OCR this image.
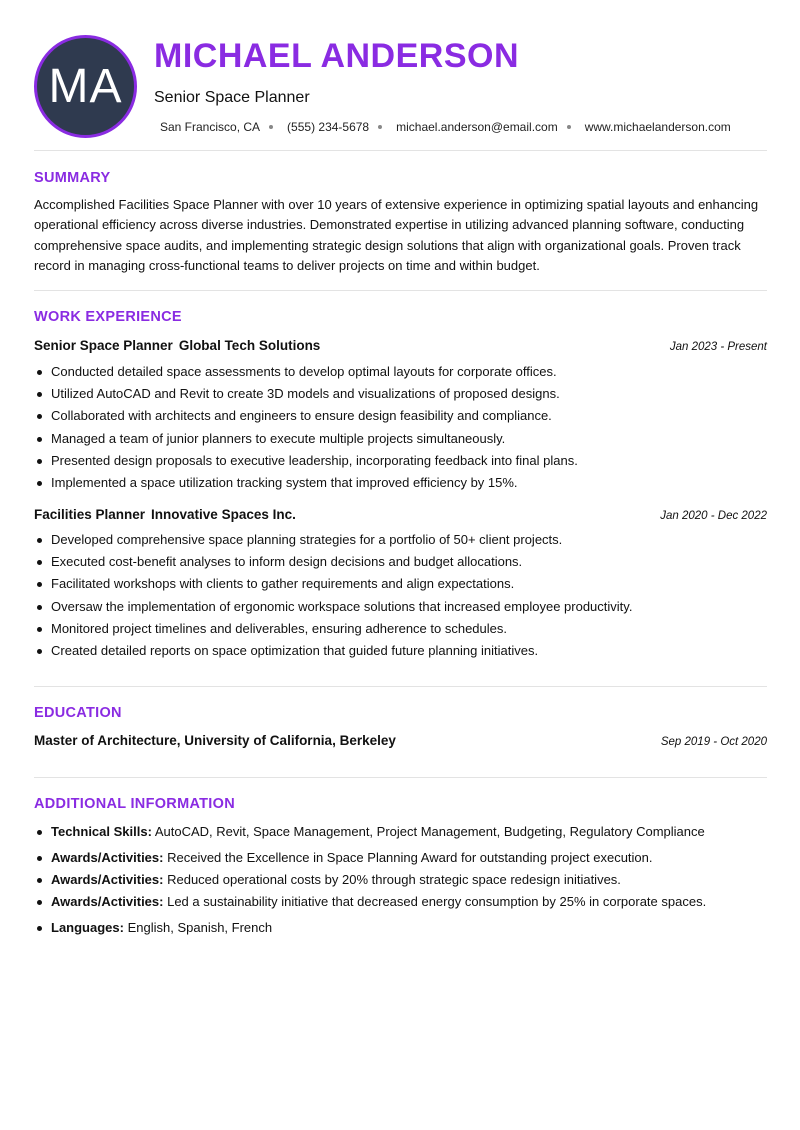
MA
MICHAEL ANDERSON
Senior Space Planner
San Francisco, CA (555) 234-5678 michael.anderson@email.com www.michaelanderson.com
SUMMARY

Accomplished Facilities Space Planner with over 10 years of extensive experience in optimizing spatial layouts and enhancing operational efficiency across diverse industries. Demonstrated expertise in utilizing advanced planning software, conducting comprehensive space audits, and implementing strategic design solutions that align with organizational goals. Proven track record in managing cross-functional teams to deliver projects on time and within budget.

WORK EXPERIENCE
Senior Space Planner Global Tech Solutions	Jan 2023 - Present
Conducted detailed space assessments to develop optimal layouts for corporate offices.
Utilized AutoCAD and Revit to create 3D models and visualizations of proposed designs.
Collaborated with architects and engineers to ensure design feasibility and compliance.
Managed a team of junior planners to execute multiple projects simultaneously.
Presented design proposals to executive leadership, incorporating feedback into final plans.
Implemented a space utilization tracking system that improved efficiency by 15%.
Facilities Planner Innovative Spaces Inc.	Jan 2020 - Dec 2022
Developed comprehensive space planning strategies for a portfolio of 50+ client projects.
Executed cost-benefit analyses to inform design decisions and budget allocations.
Facilitated workshops with clients to gather requirements and align expectations.
Oversaw the implementation of ergonomic workspace solutions that increased employee productivity.
Monitored project timelines and deliverables, ensuring adherence to schedules.
Created detailed reports on space optimization that guided future planning initiatives.
EDUCATION
Master of Architecture, University of California, Berkeley	Sep 2019 - Oct 2020
ADDITIONAL INFORMATION
Technical Skills: AutoCAD, Revit, Space Management, Project Management, Budgeting, Regulatory Compliance
Awards/Activities: Received the Excellence in Space Planning Award for outstanding project execution.
Awards/Activities: Reduced operational costs by 20% through strategic space redesign initiatives.
Awards/Activities: Led a sustainability initiative that decreased energy consumption by 25% in corporate spaces.
Languages: English, Spanish, French
